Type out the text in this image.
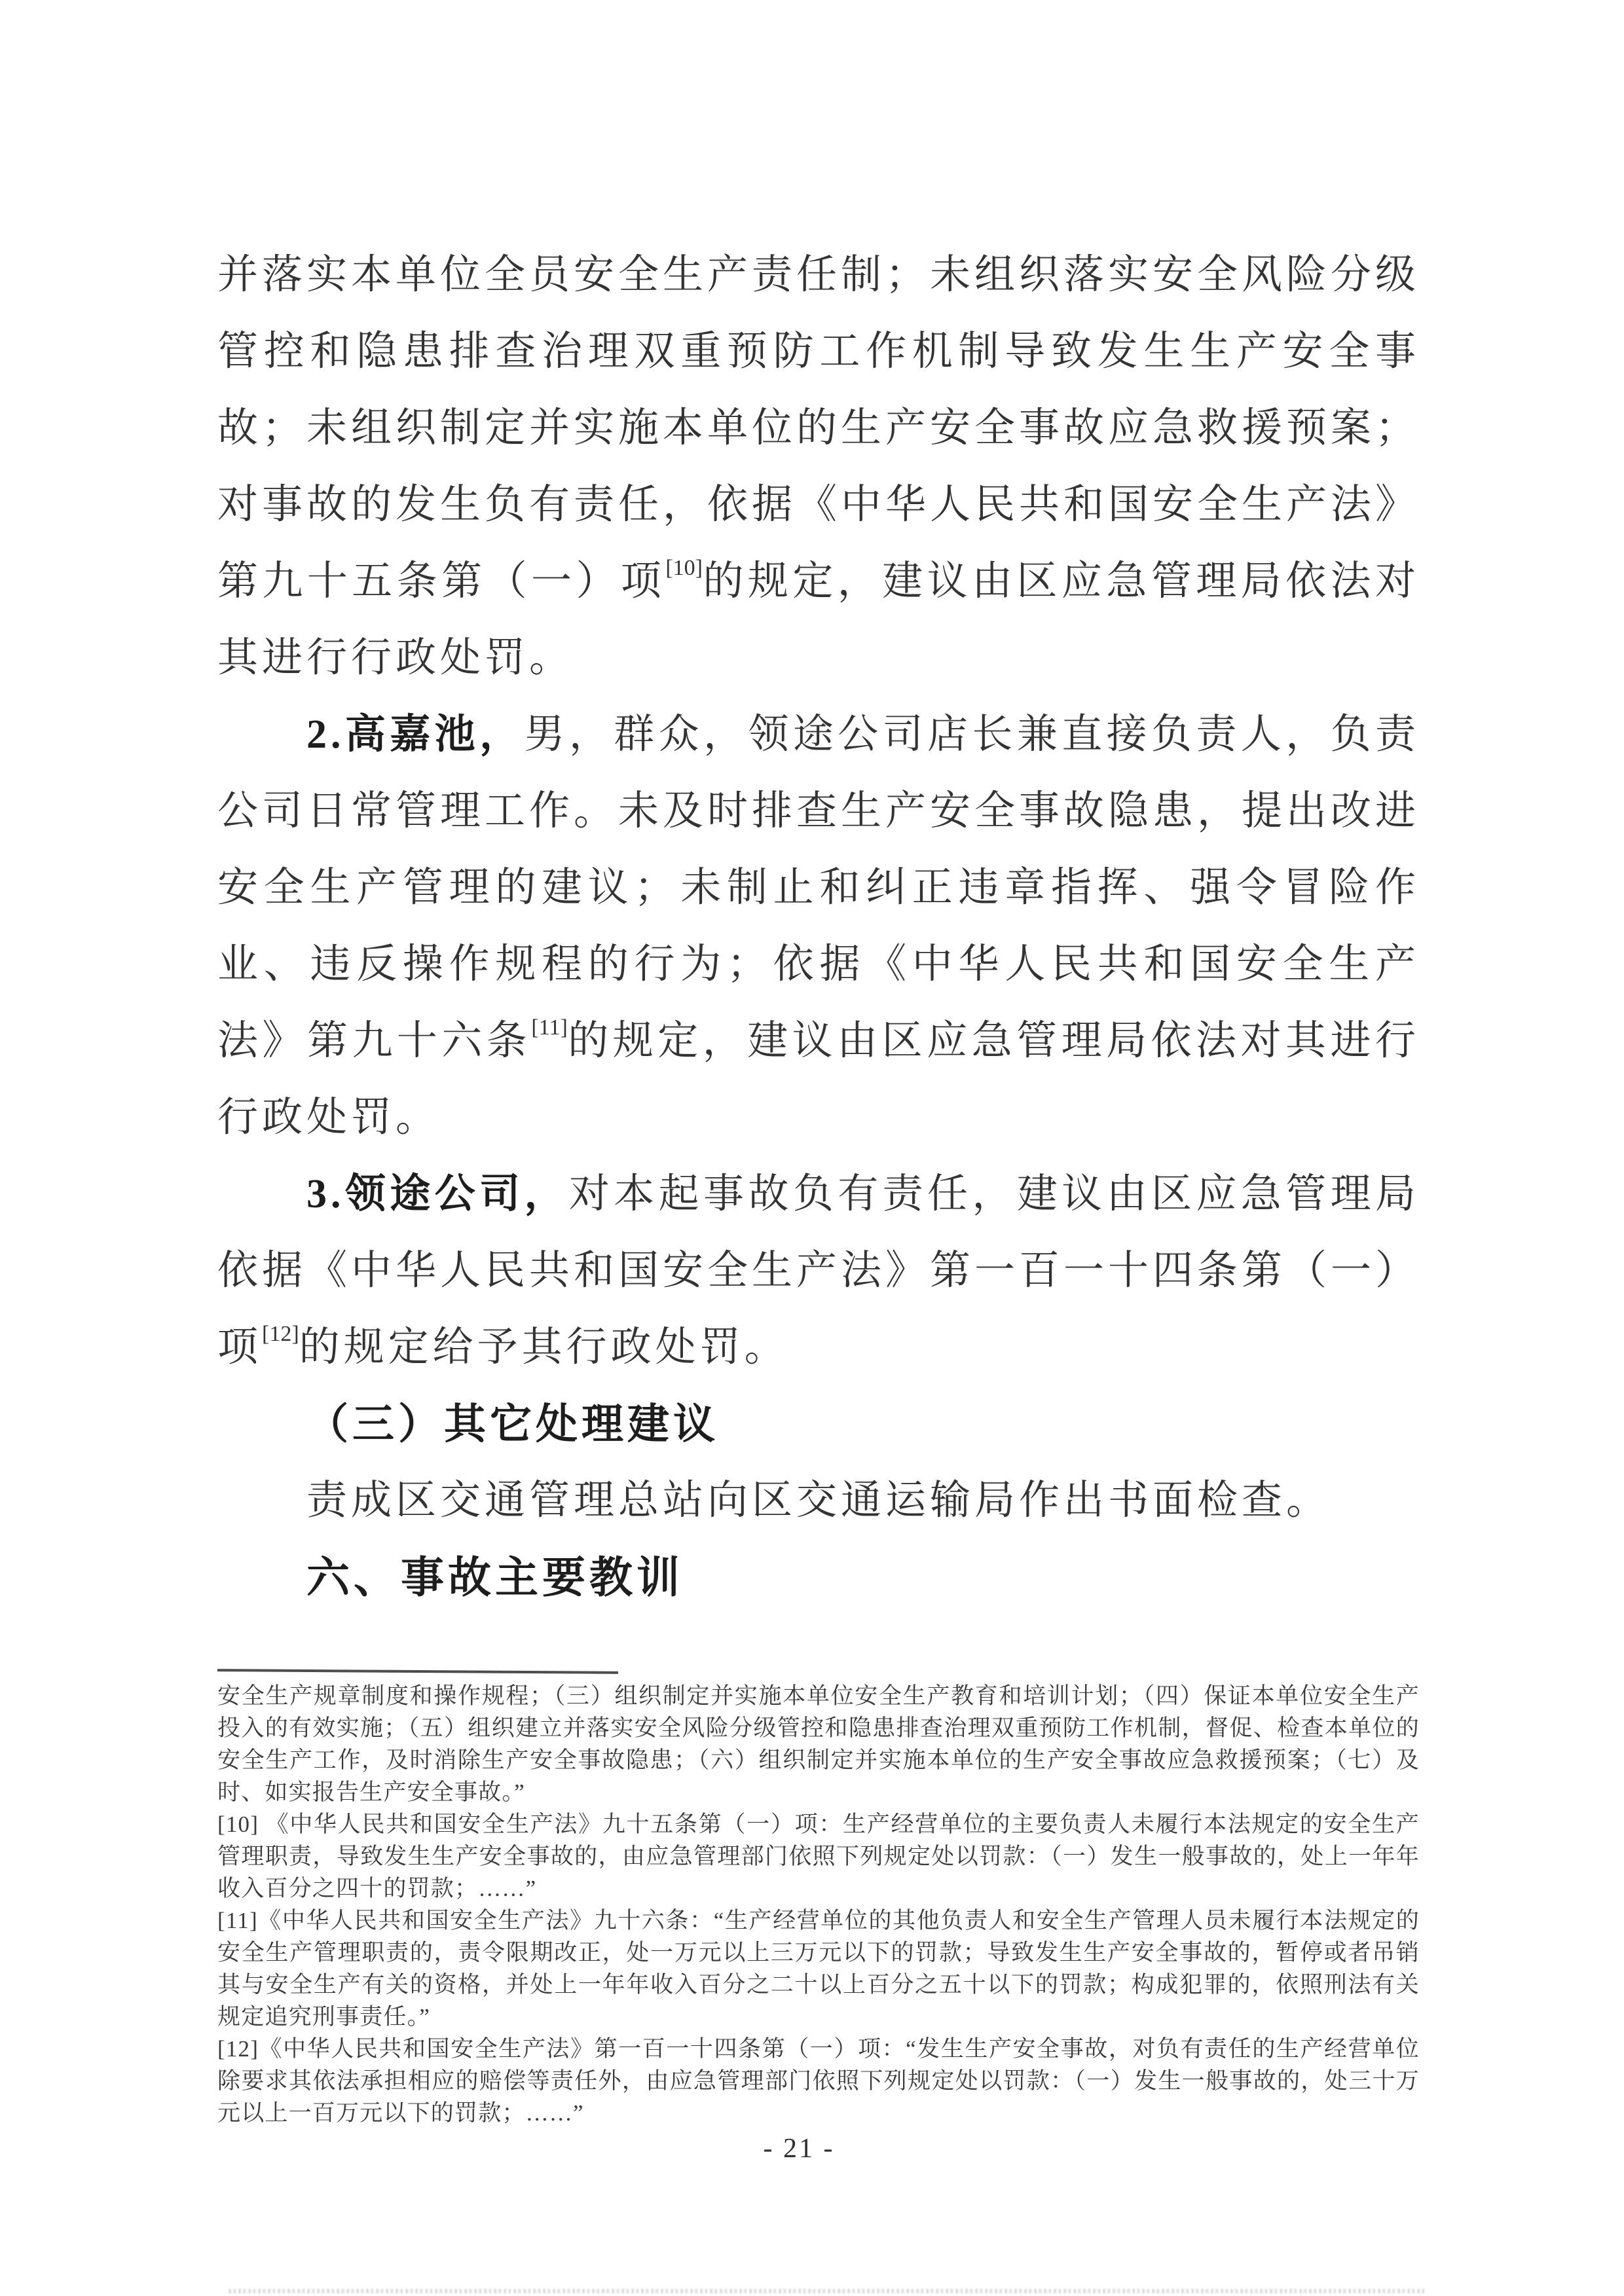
并落实本单位全员安全生产责任制；未组织落实安全风险分级管控和隐患排查治理双重预防工作机制导致发生生产安全事故；未组织制定并实施本单位的生产安全事故应急救援预案；对事故的发生负有责任，依据《中华人民共和国安全生产法》第九十五条第（一）项[10]的规定，建议由区应急管理局依法对其进行行政处罚。

2.高嘉池，男，群众，领途公司店长兼直接负责人，负责公司日常管理工作。未及时排查生产安全事故隐患，提出改进安全生产管理的建议；未制止和纠正违章指挥、强令冒险作业、违反操作规程的行为；依据《中华人民共和国安全生产法》第九十六条[11]的规定，建议由区应急管理局依法对其进行行政处罚。

3.领途公司，对本起事故负有责任，建议由区应急管理局依据《中华人民共和国安全生产法》第一百一十四条第（一）项[12]的规定给予其行政处罚。

（三）其它处理建议

责成区交通管理总站向区交通运输局作出书面检查。

六、事故主要教训

安全生产规章制度和操作规程；（三）组织制定并实施本单位安全生产教育和培训计划；（四）保证本单位安全生产投入的有效实施；（五）组织建立并落实安全风险分级管控和隐患排查治理双重预防工作机制，督促、检查本单位的安全生产工作，及时消除生产安全事故隐患；（六）组织制定并实施本单位的生产安全事故应急救援预案；（七）及时、如实报告生产安全事故。”

[10] 《中华人民共和国安全生产法》九十五条第（一）项：生产经营单位的主要负责人未履行本法规定的安全生产管理职责，导致发生生产安全事故的，由应急管理部门依照下列规定处以罚款：（一）发生一般事故的，处上一年年收入百分之四十的罚款；……”

[11]《中华人民共和国安全生产法》九十六条：“生产经营单位的其他负责人和安全生产管理人员未履行本法规定的安全生产管理职责的，责令限期改正，处一万元以上三万元以下的罚款；导致发生生产安全事故的，暂停或者吊销其与安全生产有关的资格，并处上一年年收入百分之二十以上百分之五十以下的罚款；构成犯罪的，依照刑法有关规定追究刑事责任。”

[12]《中华人民共和国安全生产法》第一百一十四条第（一）项：“发生生产安全事故，对负有责任的生产经营单位除要求其依法承担相应的赔偿等责任外，由应急管理部门依照下列规定处以罚款：（一）发生一般事故的，处三十万元以上一百万元以下的罚款；……”

- 21 -
